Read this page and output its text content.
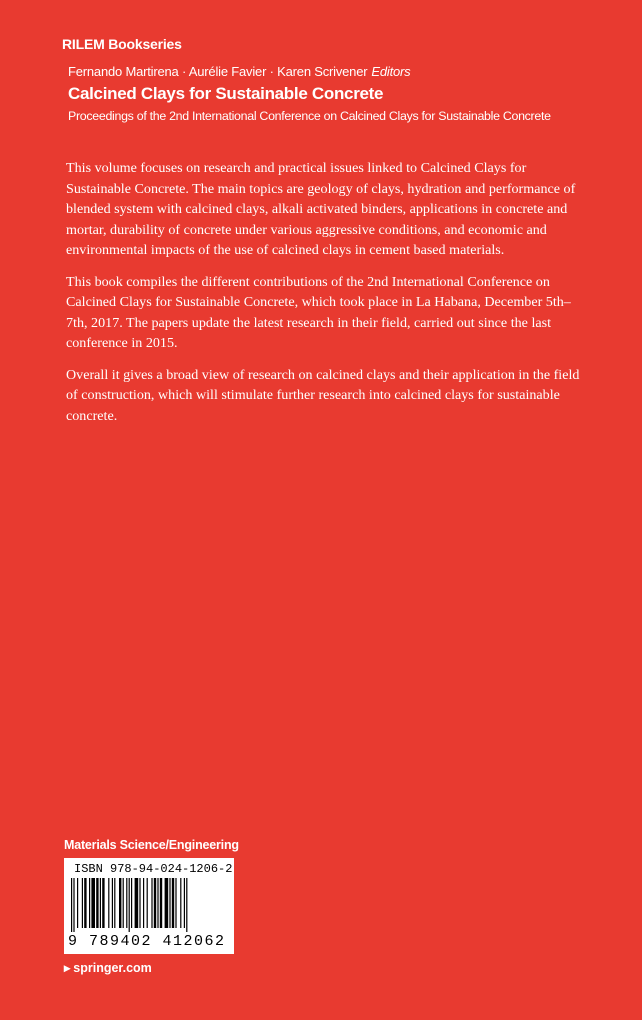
RILEM Bookseries
Fernando Martirena · Aurélie Favier · Karen Scrivener Editors
Calcined Clays for Sustainable Concrete
Proceedings of the 2nd International Conference on Calcined Clays for Sustainable Concrete

This volume focuses on research and practical issues linked to Calcined Clays for Sustainable Concrete. The main topics are geology of clays, hydration and performance of blended system with calcined clays, alkali activated binders, applications in concrete and mortar, durability of concrete under various aggressive conditions, and economic and environmental impacts of the use of calcined clays in cement based materials.

This book compiles the different contributions of the 2nd International Conference on Calcined Clays for Sustainable Concrete, which took place in La Habana, December 5th–7th, 2017. The papers update the latest research in their field, carried out since the last conference in 2015.

Overall it gives a broad view of research on calcined clays and their application in the field of construction, which will stimulate further research into calcined clays for sustainable concrete.

Materials Science/Engineering
ISBN 978-94-024-1206-2
9 789402 412062
▸ springer.com
